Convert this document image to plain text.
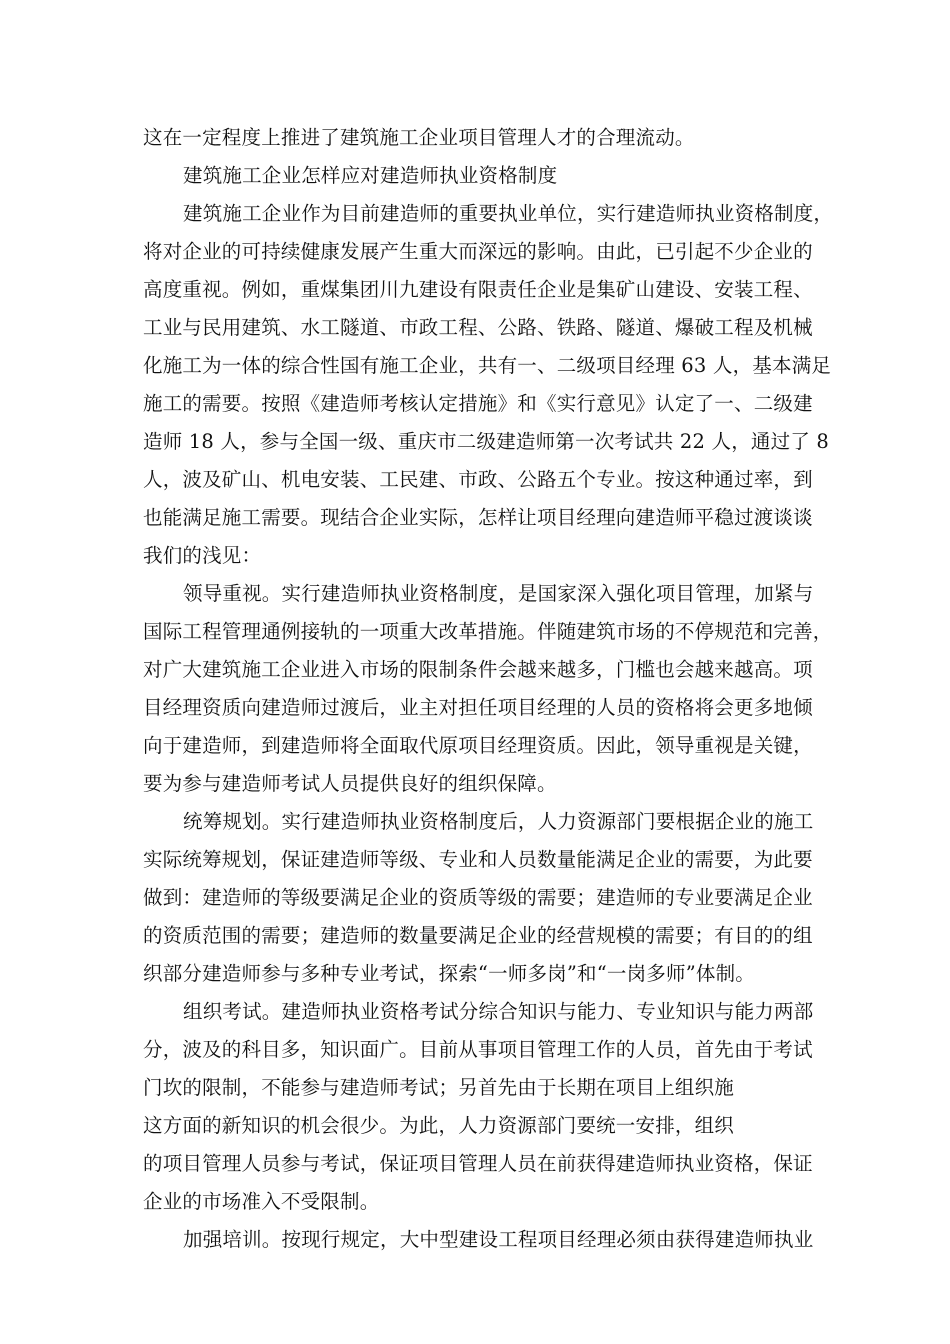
这在一定程度上推进了建筑施工企业项目管理人才的合理流动。
建筑施工企业怎样应对建造师执业资格制度
建筑施工企业作为目前建造师的重要执业单位，实行建造师执业资格制度，
将对企业的可持续健康发展产生重大而深远的影响。由此，已引起不少企业的
高度重视。例如，重煤集团川九建设有限责任企业是集矿山建设、安装工程、
工业与民用建筑、水工隧道、市政工程、公路、铁路、隧道、爆破工程及机械
化施工为一体的综合性国有施工企业，共有一、二级项目经理 63 人，基本满足
施工的需要。按照《建造师考核认定措施》和《实行意见》认定了一、二级建
造师 18 人，参与全国一级、重庆市二级建造师第一次考试共 22 人，通过了 8
人，波及矿山、机电安装、工民建、市政、公路五个专业。按这种通过率，到
也能满足施工需要。现结合企业实际，怎样让项目经理向建造师平稳过渡谈谈
我们的浅见：
领导重视。实行建造师执业资格制度，是国家深入强化项目管理，加紧与
国际工程管理通例接轨的一项重大改革措施。伴随建筑市场的不停规范和完善，
对广大建筑施工企业进入市场的限制条件会越来越多，门槛也会越来越高。项
目经理资质向建造师过渡后，业主对担任项目经理的人员的资格将会更多地倾
向于建造师，到建造师将全面取代原项目经理资质。因此，领导重视是关键，
要为参与建造师考试人员提供良好的组织保障。
统筹规划。实行建造师执业资格制度后，人力资源部门要根据企业的施工
实际统筹规划，保证建造师等级、专业和人员数量能满足企业的需要，为此要
做到：建造师的等级要满足企业的资质等级的需要；建造师的专业要满足企业
的资质范围的需要；建造师的数量要满足企业的经营规模的需要；有目的的组
织部分建造师参与多种专业考试，探索“一师多岗”和“一岗多师”体制。
组织考试。建造师执业资格考试分综合知识与能力、专业知识与能力两部
分，波及的科目多，知识面广。目前从事项目管理工作的人员，首先由于考试
门坎的限制，不能参与建造师考试；另首先由于长期在项目上组织施
这方面的新知识的机会很少。为此，人力资源部门要统一安排，组织
的项目管理人员参与考试，保证项目管理人员在前获得建造师执业资格，保证
企业的市场准入不受限制。
加强培训。按现行规定，大中型建设工程项目经理必须由获得建造师执业
